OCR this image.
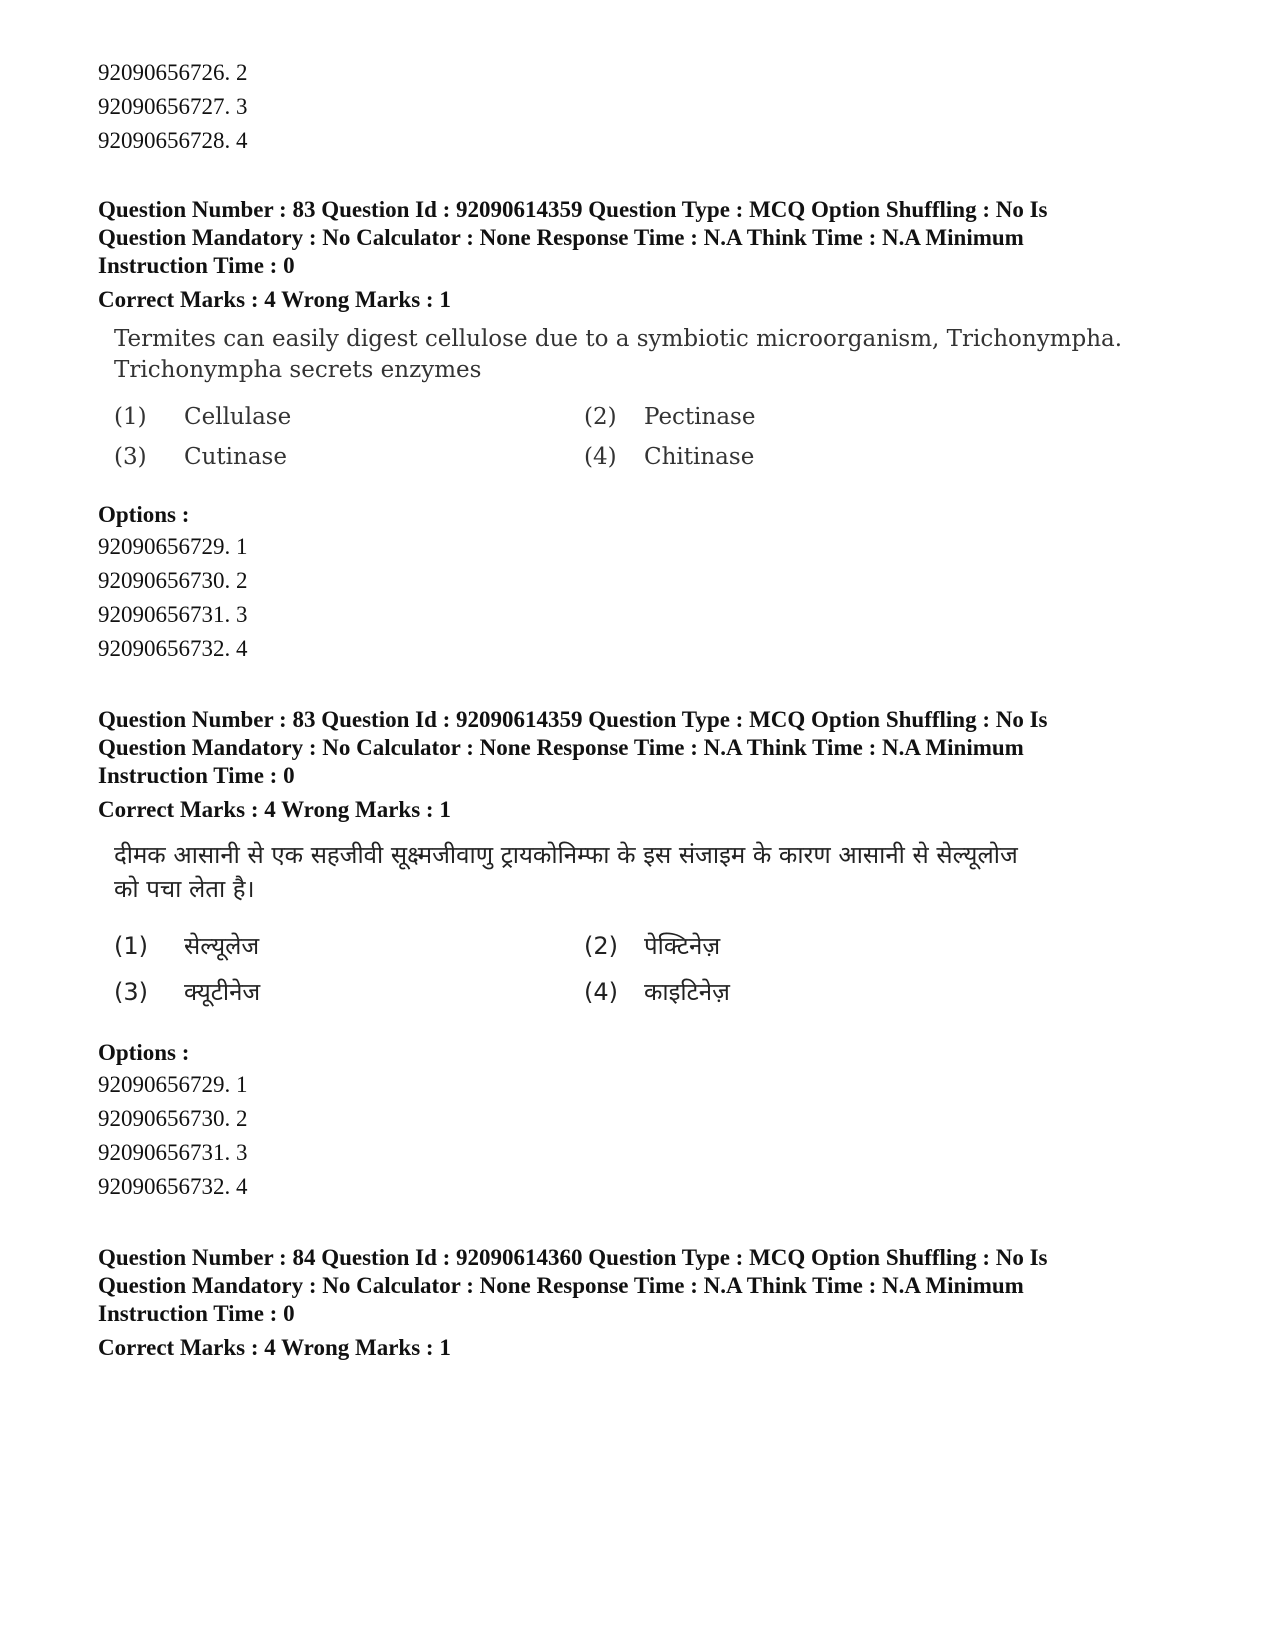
92090656726. 2
92090656727. 3
92090656728. 4
Question Number : 83 Question Id : 92090614359 Question Type : MCQ Option Shuffling : No Is
Question Mandatory : No Calculator : None Response Time : N.A Think Time : N.A Minimum
Instruction Time : 0
Correct Marks : 4 Wrong Marks : 1
Termites can easily digest cellulose due to a symbiotic microorganism, Trichonympha.
Trichonympha secrets enzymes
(1)	Cellulase	(2)	Pectinase
(3)	Cutinase	(4)	Chitinase
Options :
92090656729. 1
92090656730. 2
92090656731. 3
92090656732. 4
Question Number : 83 Question Id : 92090614359 Question Type : MCQ Option Shuffling : No Is
Question Mandatory : No Calculator : None Response Time : N.A Think Time : N.A Minimum
Instruction Time : 0
Correct Marks : 4 Wrong Marks : 1
दीमक आसानी से एक सहजीवी सूक्ष्मजीवाणु ट्रायकोनिम्फा के इस संजाइम के कारण आसानी से सेल्यूलोज
को पचा लेता है।
(1)	सेल्यूलेज	(2)	पेक्टिनेज़
(3)	क्यूटीनेज	(4)	काइटिनेज़
Options :
92090656729. 1
92090656730. 2
92090656731. 3
92090656732. 4
Question Number : 84 Question Id : 92090614360 Question Type : MCQ Option Shuffling : No Is
Question Mandatory : No Calculator : None Response Time : N.A Think Time : N.A Minimum
Instruction Time : 0
Correct Marks : 4 Wrong Marks : 1
